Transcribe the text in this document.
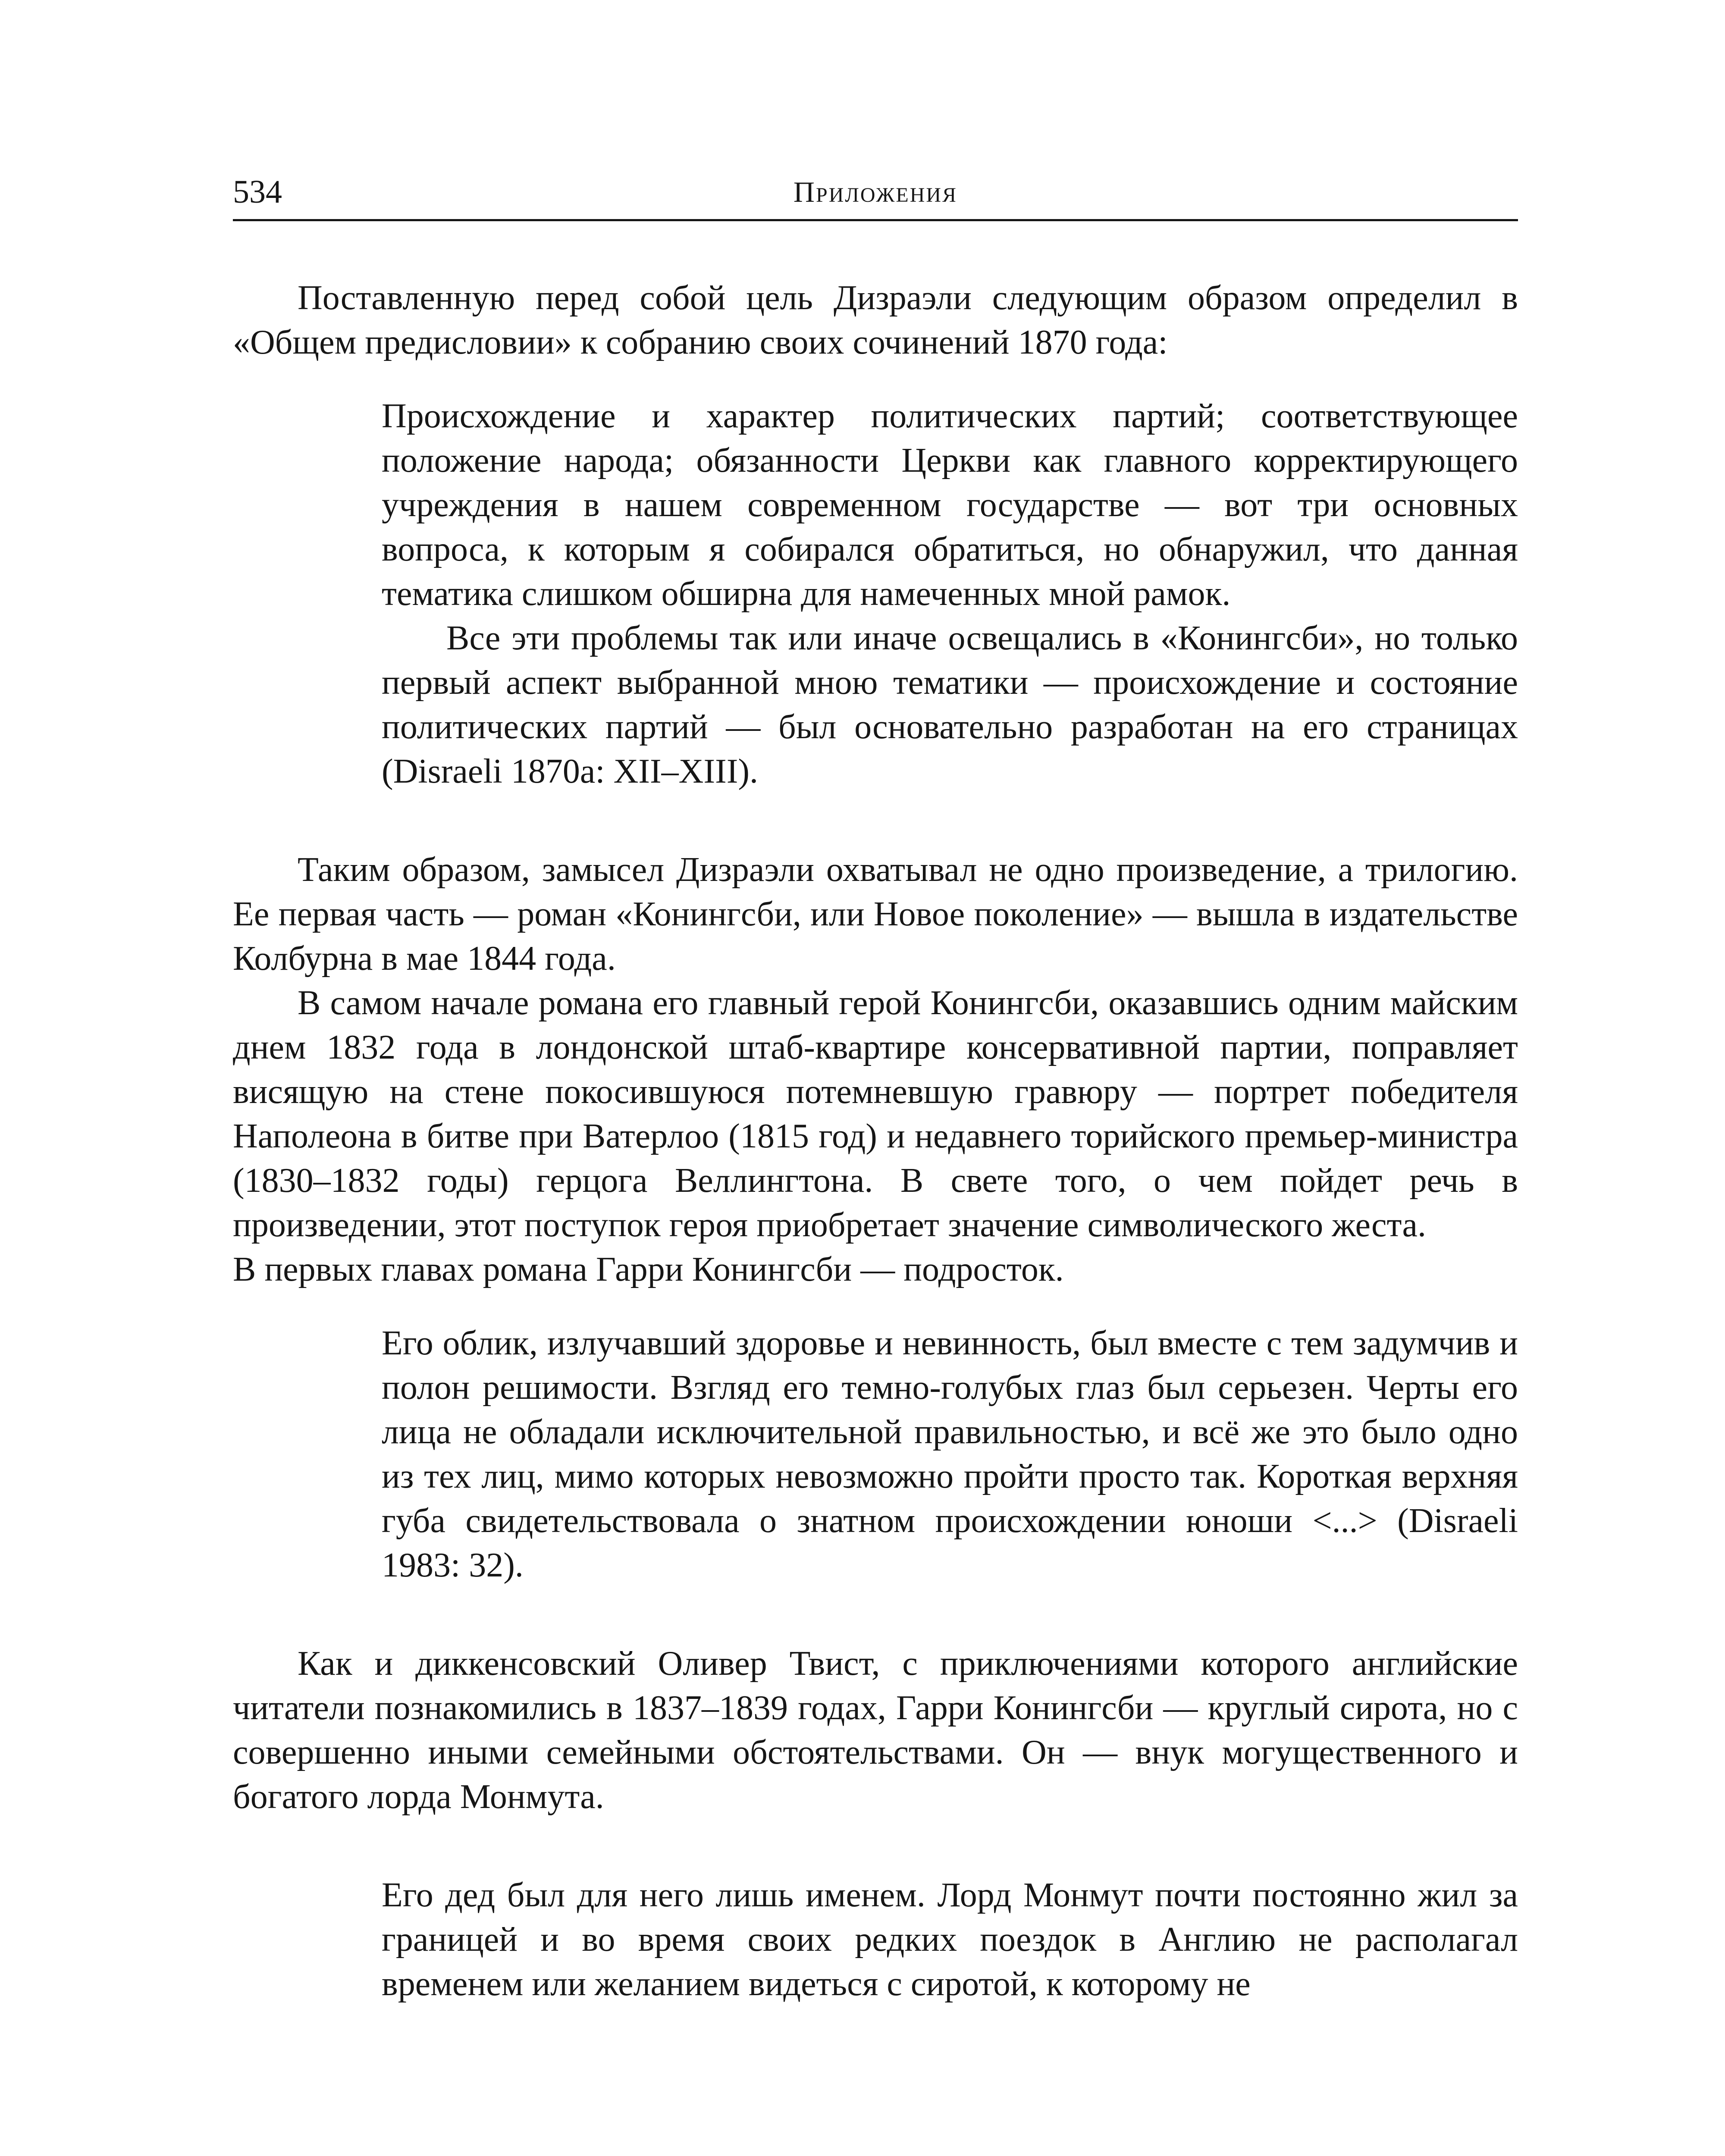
534	Приложения

Поставленную перед собой цель Дизраэли следующим образом определил в «Общем предисловии» к собранию своих сочинений 1870 года:

Происхождение и характер политических партий; соответствующее положение народа; обязанности Церкви как главного корректирующего учреждения в нашем современном государстве — вот три основных вопроса, к которым я собирался обратиться, но обнаружил, что данная тематика слишком обширна для намеченных мной рамок.

Все эти проблемы так или иначе освещались в «Конингсби», но только первый аспект выбранной мною тематики — происхождение и состояние политических партий — был основательно разработан на его страницах (Disraeli 1870a: XII–XIII).

Таким образом, замысел Дизраэли охватывал не одно произведение, а трилогию. Ее первая часть — роман «Конингсби, или Новое поколение» — вышла в издательстве Колбурна в мае 1844 года.

В самом начале романа его главный герой Конингсби, оказавшись одним майским днем 1832 года в лондонской штаб-квартире консервативной партии, поправляет висящую на стене покосившуюся потемневшую гравюру — портрет победителя Наполеона в битве при Ватерлоо (1815 год) и недавнего торийского премьер-министра (1830–1832 годы) герцога Веллингтона. В свете того, о чем пойдет речь в произведении, этот поступок героя приобретает значение символического жеста.

В первых главах романа Гарри Конингсби — подросток.

Его облик, излучавший здоровье и невинность, был вместе с тем задумчив и полон решимости. Взгляд его темно-голубых глаз был серьезен. Черты его лица не обладали исключительной правильностью, и всё же это было одно из тех лиц, мимо которых невозможно пройти просто так. Короткая верхняя губа свидетельствовала о знатном происхождении юноши <...> (Disraeli 1983: 32).

Как и диккенсовский Оливер Твист, с приключениями которого английские читатели познакомились в 1837–1839 годах, Гарри Конингсби — круглый сирота, но с совершенно иными семейными обстоятельствами. Он — внук могущественного и богатого лорда Монмута.

Его дед был для него лишь именем. Лорд Монмут почти постоянно жил за границей и во время своих редких поездок в Англию не располагал временем или желанием видеться с сиротой, к которому не
